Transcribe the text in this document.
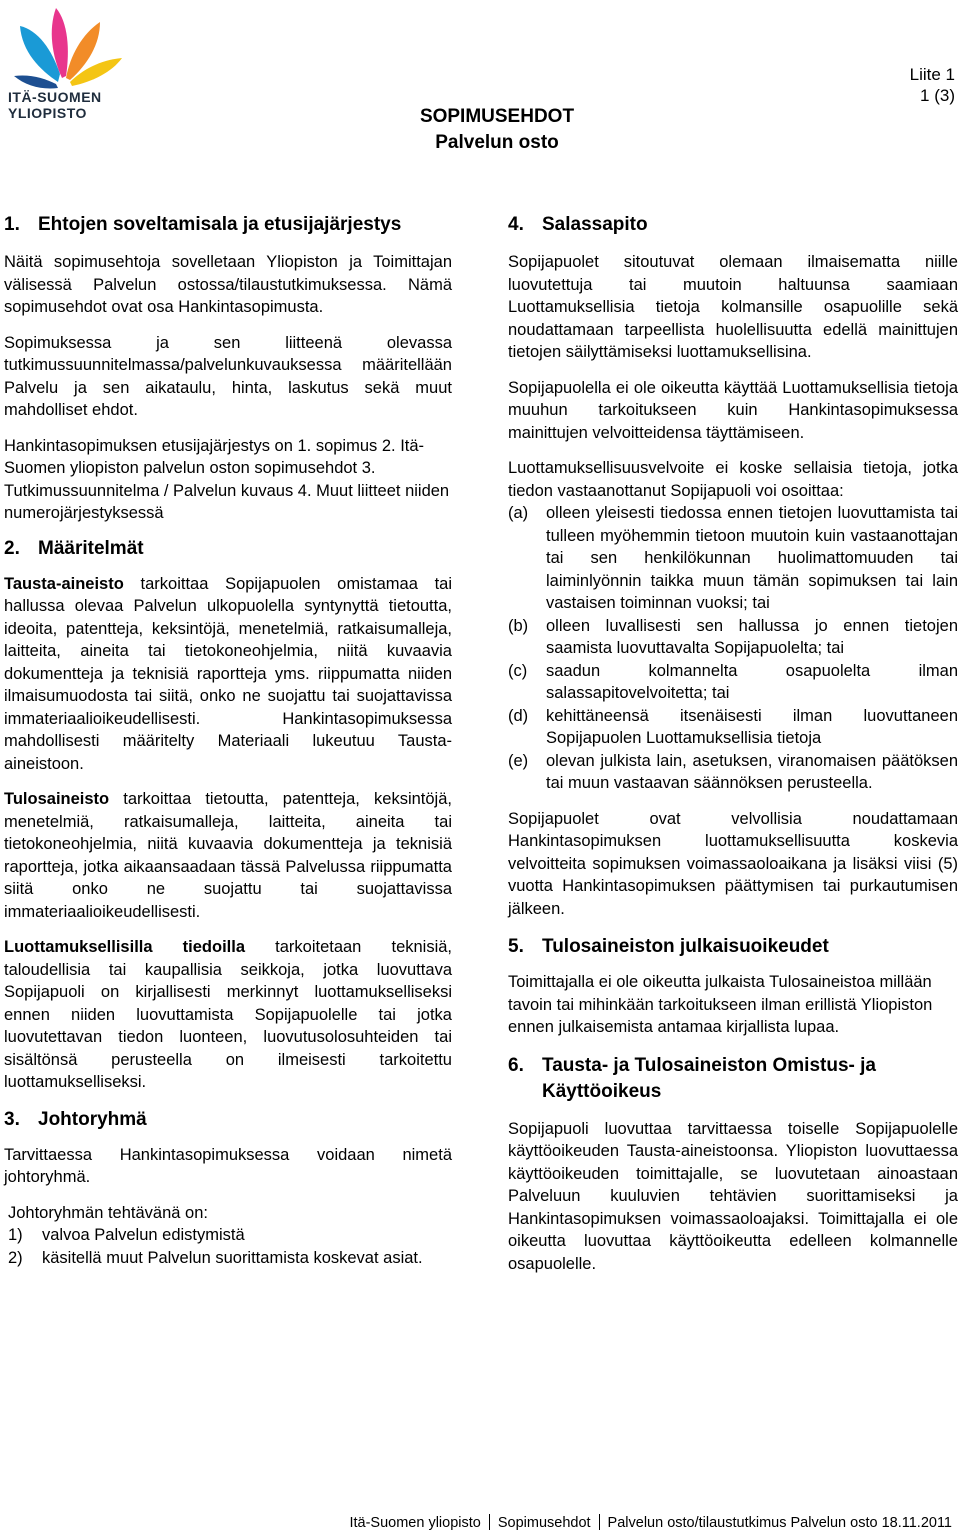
ITÄ-SUOMEN
YLIOPISTO
Liite 1
1 (3)
SOPIMUSEHDOT
Palvelun osto
1. Ehtojen soveltamisala ja etusijajärjestys

Näitä sopimusehtoja sovelletaan Yliopiston ja Toimittajan välisessä Palvelun ostossa/tilaustutkimuksessa. Nämä sopimusehdot ovat osa Hankintasopimusta.

Sopimuksessa ja sen liitteenä olevassa tutkimussuunnitelmassa/palvelunkuvauksessa määritellään Palvelu ja sen aikataulu, hinta, laskutus sekä muut mahdolliset ehdot.

Hankintasopimuksen etusijajärjestys on 1. sopimus 2. Itä-Suomen yliopiston palvelun oston sopimusehdot 3. Tutkimussuunnitelma / Palvelun kuvaus 4. Muut liitteet niiden numerojärjestyksessä

2. Määritelmät

Tausta-aineisto tarkoittaa Sopijapuolen omistamaa tai hallussa olevaa Palvelun ulkopuolella syntynyttä tietoutta, ideoita, patentteja, keksintöjä, menetelmiä, ratkaisumalleja, laitteita, aineita tai tietokoneohjelmia, niitä kuvaavia dokumentteja ja teknisiä raportteja yms. riippumatta niiden ilmaisumuodosta tai siitä, onko ne suojattu tai suojattavissa immateriaalioikeudellisesti. Hankintasopimuksessa mahdollisesti määritelty Materiaali lukeutuu Tausta-aineistoon.

Tulosaineisto tarkoittaa tietoutta, patentteja, keksintöjä, menetelmiä, ratkaisumalleja, laitteita, aineita tai tietokoneohjelmia, niitä kuvaavia dokumentteja ja teknisiä raportteja, jotka aikaansaadaan tässä Palvelussa riippumatta siitä onko ne suojattu tai suojattavissa immateriaalioikeudellisesti.

Luottamuksellisilla tiedoilla tarkoitetaan teknisiä, taloudellisia tai kaupallisia seikkoja, jotka luovuttava Sopijapuoli on kirjallisesti merkinnyt luottamukselliseksi ennen niiden luovuttamista Sopijapuolelle tai jotka luovutettavan tiedon luonteen, luovutusolosuhteiden tai sisältönsä perusteella on ilmeisesti tarkoitettu luottamukselliseksi.

3. Johtoryhmä

Tarvittaessa Hankintasopimuksessa voidaan nimetä johtoryhmä.

Johtoryhmän tehtävänä on:

1)	valvoa Palvelun edistymistä
2)	käsitellä muut Palvelun suorittamista koskevat asiat.
4. Salassapito

Sopijapuolet sitoutuvat olemaan ilmaisematta niille luovutettuja tai muutoin haltuunsa saamiaan Luottamuksellisia tietoja kolmansille osapuolille sekä noudattamaan tarpeellista huolellisuutta edellä mainittujen tietojen säilyttämiseksi luottamuksellisina.

Sopijapuolella ei ole oikeutta käyttää Luottamuksellisia tietoja muuhun tarkoitukseen kuin Hankintasopimuksessa mainittujen velvoitteidensa täyttämiseen.

Luottamuksellisuusvelvoite ei koske sellaisia tietoja, jotka tiedon vastaanottanut Sopijapuoli voi osoittaa:

(a)	olleen yleisesti tiedossa ennen tietojen luovuttamista tai tulleen myöhemmin tietoon muutoin kuin vastaanottajan tai sen henkilökunnan huolimattomuuden tai laiminlyönnin taikka muun tämän sopimuksen tai lain vastaisen toiminnan vuoksi; tai
(b)	olleen luvallisesti sen hallussa jo ennen tietojen saamista luovuttavalta Sopijapuolelta; tai
(c)	saadun kolmannelta osapuolelta ilman salassapitovelvoitetta; tai
(d)	kehittäneensä itsenäisesti ilman luovuttaneen Sopijapuolen Luottamuksellisia tietoja
(e)	olevan julkista lain, asetuksen, viranomaisen päätöksen tai muun vastaavan säännöksen perusteella.

Sopijapuolet ovat velvollisia noudattamaan Hankintasopimuksen luottamuksellisuutta koskevia velvoitteita sopimuksen voimassaoloaikana ja lisäksi viisi (5) vuotta Hankintasopimuksen päättymisen tai purkautumisen jälkeen.

5. Tulosaineiston julkaisuoikeudet

Toimittajalla ei ole oikeutta julkaista Tulosaineistoa millään tavoin tai mihinkään tarkoitukseen ilman erillistä Yliopiston ennen julkaisemista antamaa kirjallista lupaa.

6. Tausta- ja Tulosaineiston Omistus- ja Käyttöoikeus

Sopijapuoli luovuttaa tarvittaessa toiselle Sopijapuolelle käyttöoikeuden Tausta-aineistoonsa. Yliopiston luovuttaessa käyttöoikeuden toimittajalle, se luovutetaan ainoastaan Palveluun kuuluvien tehtävien suorittamiseksi ja Hankintasopimuksen voimassaoloajaksi. Toimittajalla ei ole oikeutta luovuttaa käyttöoikeutta edelleen kolmannelle osapuolelle.

Itä-Suomen yliopisto Sopimusehdot Palvelun osto/tilaustutkimus Palvelun osto 18.11.2011
